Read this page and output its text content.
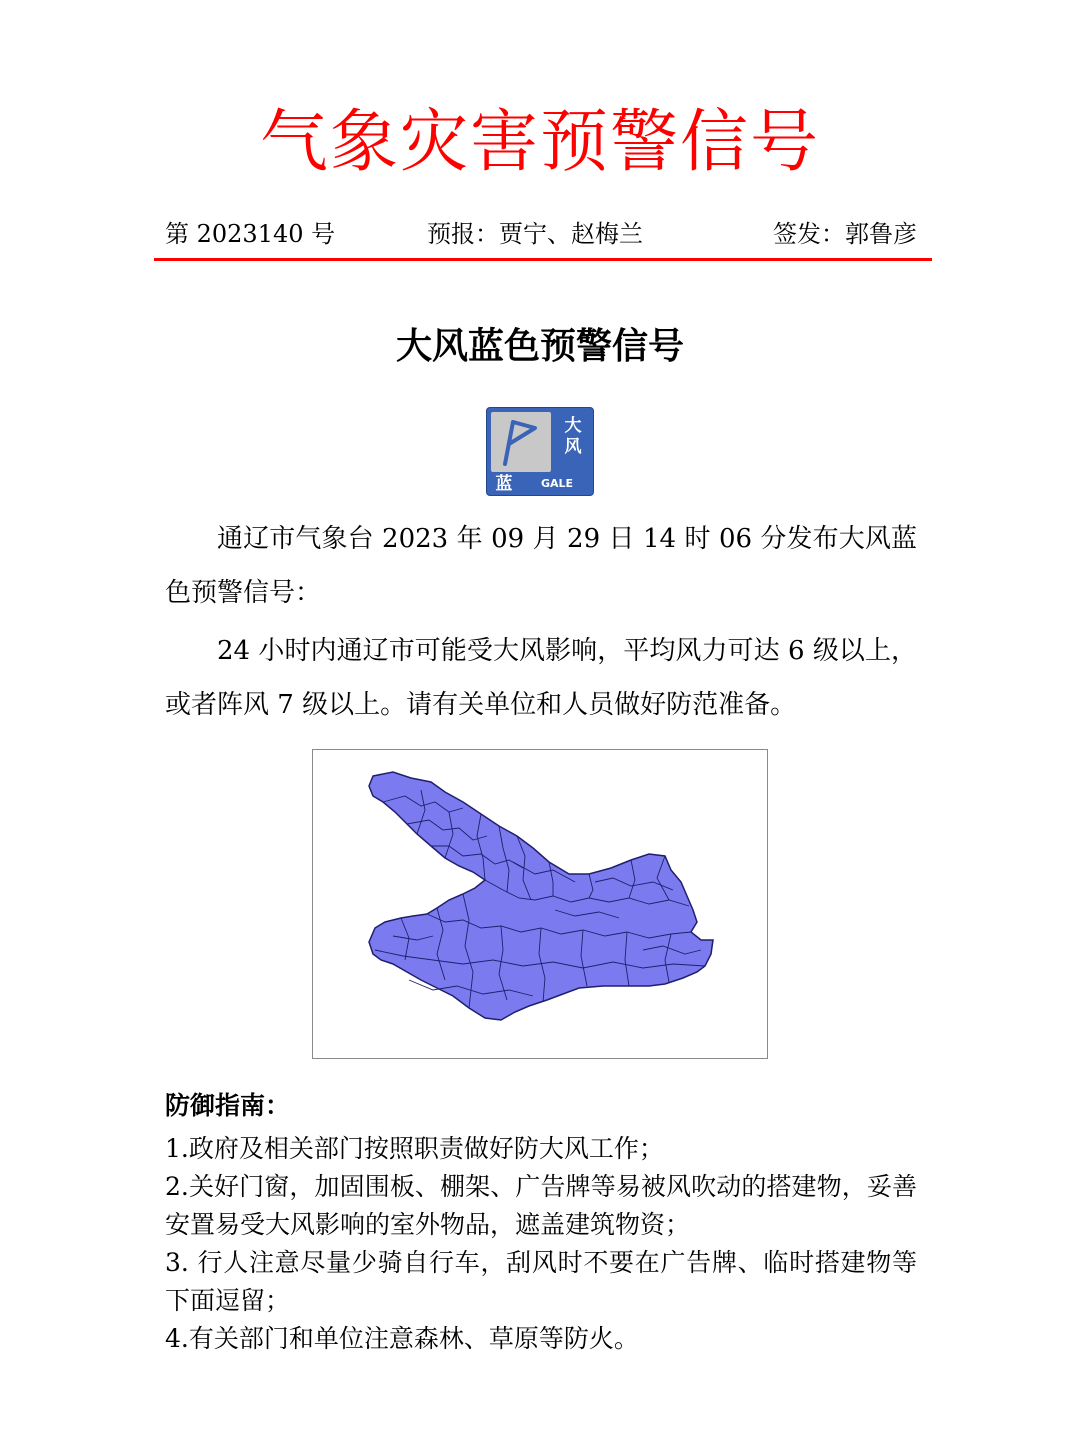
气象灾害预警信号
第 2023140 号	预报：贾宁、赵梅兰	签发：郭鲁彦
大风蓝色预警信号
大风
蓝	GALE

通辽市气象台 2023 年 09 月 29 日 14 时 06 分发布大风蓝色预警信号：

24 小时内通辽市可能受大风影响，平均风力可达 6 级以上，或者阵风 7 级以上。请有关单位和人员做好防范准备。

防御指南：
1.政府及相关部门按照职责做好防大风工作；
2.关好门窗，加固围板、棚架、广告牌等易被风吹动的搭建物，妥善安置易受大风影响的室外物品，遮盖建筑物资；
3. 行人注意尽量少骑自行车，刮风时不要在广告牌、临时搭建物等下面逗留；
4.有关部门和单位注意森林、草原等防火。
